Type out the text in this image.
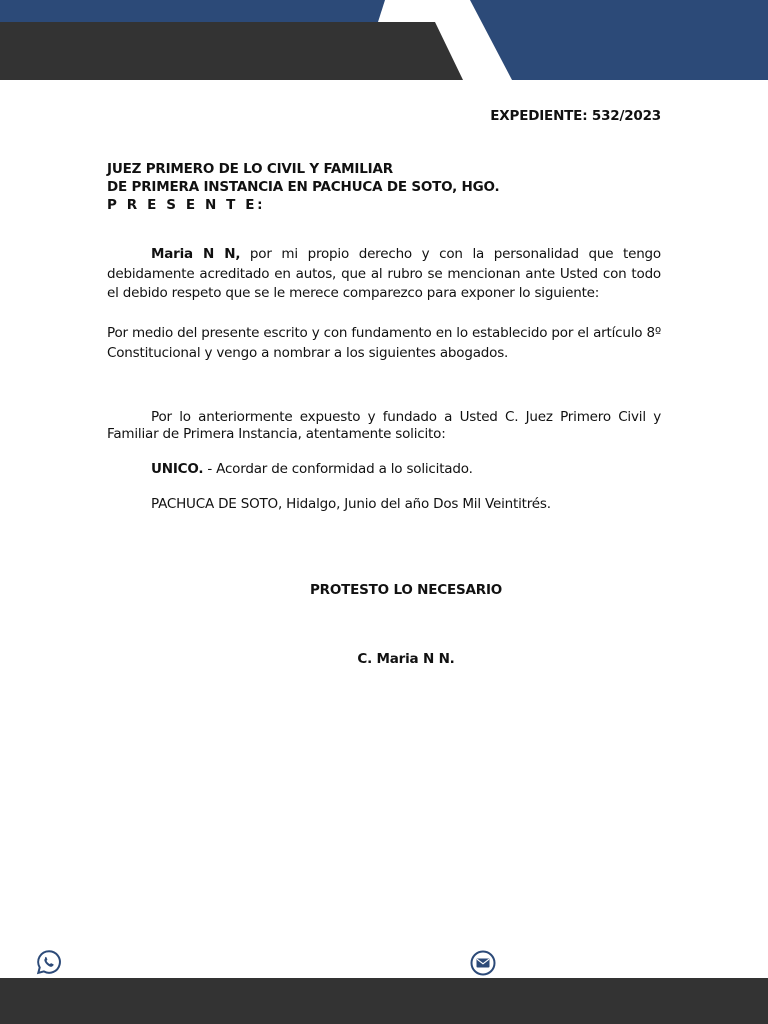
EXPEDIENTE: 532/2023
JUEZ PRIMERO DE LO CIVIL Y FAMILIAR
DE PRIMERA INSTANCIA EN PACHUCA DE SOTO, HGO.
P R E S E N T E:
Maria N N, por mi propio derecho y con la personalidad que tengo debidamente acreditado en autos, que al rubro se mencionan ante Usted con todo el debido respeto que se le merece comparezco para exponer lo siguiente:
Por medio del presente escrito y con fundamento en lo establecido por el artículo 8º Constitucional y vengo a nombrar a los siguientes abogados.
Por lo anteriormente expuesto y fundado a Usted C. Juez Primero Civil y Familiar de Primera Instancia, atentamente solicito:
UNICO. - Acordar de conformidad a lo solicitado.
PACHUCA DE SOTO, Hidalgo, Junio del año Dos Mil Veintitrés.
PROTESTO LO NECESARIO
C. Maria N N.
